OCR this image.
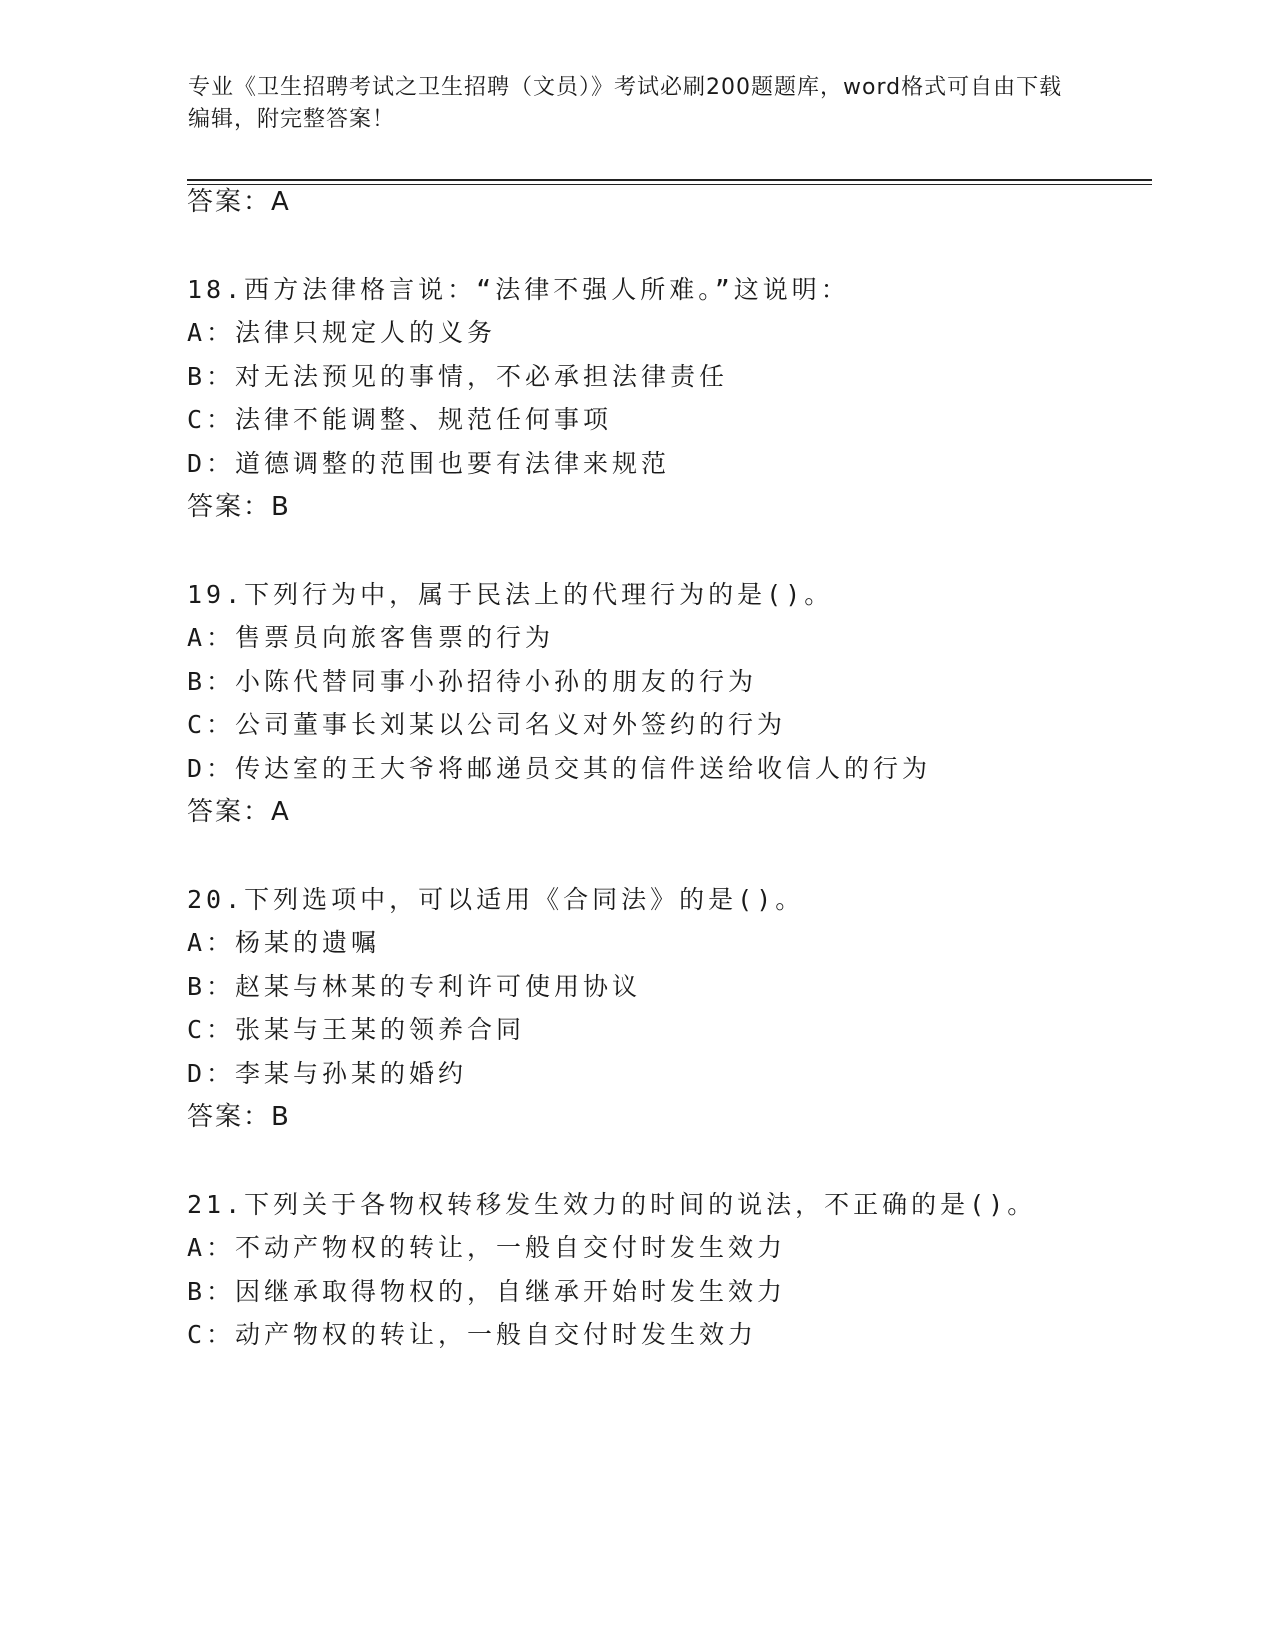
专业《卫生招聘考试之卫生招聘（文员）》考试必刷200题题库，word格式可自由下载编辑，附完整答案！
答案：A
18.西方法律格言说：“法律不强人所难。”这说明：
A：法律只规定人的义务
B：对无法预见的事情，不必承担法律责任
C：法律不能调整、规范任何事项
D：道德调整的范围也要有法律来规范
答案：B
19.下列行为中，属于民法上的代理行为的是()。
A：售票员向旅客售票的行为
B：小陈代替同事小孙招待小孙的朋友的行为
C：公司董事长刘某以公司名义对外签约的行为
D：传达室的王大爷将邮递员交其的信件送给收信人的行为
答案：A
20.下列选项中，可以适用《合同法》的是()。
A：杨某的遗嘱
B：赵某与林某的专利许可使用协议
C：张某与王某的领养合同
D：李某与孙某的婚约
答案：B
21.下列关于各物权转移发生效力的时间的说法，不正确的是()。
A：不动产物权的转让，一般自交付时发生效力
B：因继承取得物权的，自继承开始时发生效力
C：动产物权的转让，一般自交付时发生效力
